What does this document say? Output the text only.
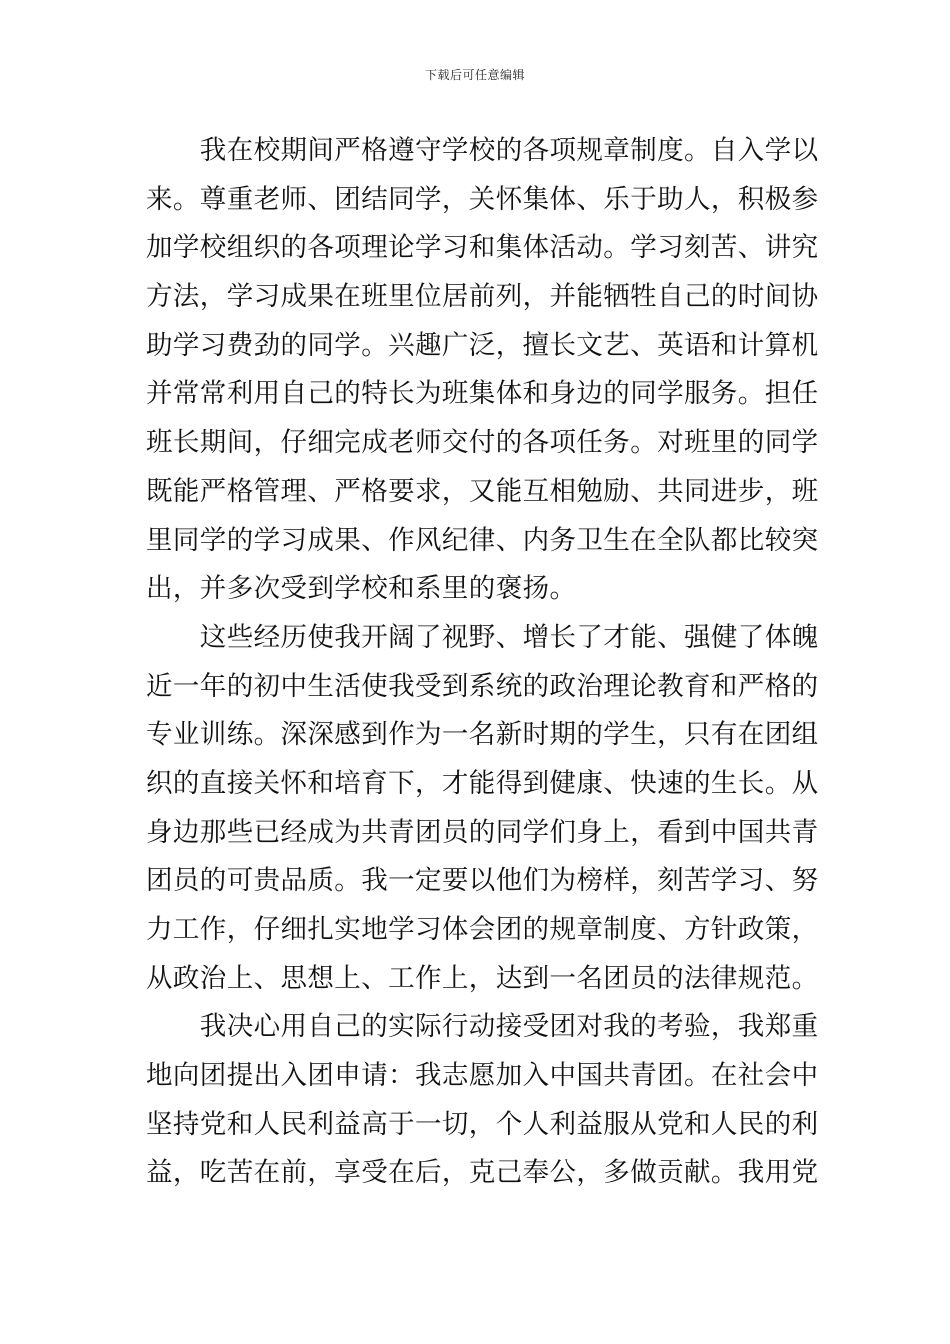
下载后可任意编辑
　　我在校期间严格遵守学校的各项规章制度。自入学以
来。尊重老师、团结同学，关怀集体、乐于助人，积极参
加学校组织的各项理论学习和集体活动。学习刻苦、讲究
方法，学习成果在班里位居前列，并能牺牲自己的时间协
助学习费劲的同学。兴趣广泛，擅长文艺、英语和计算机
并常常利用自己的特长为班集体和身边的同学服务。担任
班长期间，仔细完成老师交付的各项任务。对班里的同学
既能严格管理、严格要求，又能互相勉励、共同进步，班
里同学的学习成果、作风纪律、内务卫生在全队都比较突
出，并多次受到学校和系里的褒扬。
　　这些经历使我开阔了视野、增长了才能、强健了体魄
近一年的初中生活使我受到系统的政治理论教育和严格的
专业训练。深深感到作为一名新时期的学生，只有在团组
织的直接关怀和培育下，才能得到健康、快速的生长。从
身边那些已经成为共青团员的同学们身上，看到中国共青
团员的可贵品质。我一定要以他们为榜样，刻苦学习、努
力工作，仔细扎实地学习体会团的规章制度、方针政策，
从政治上、思想上、工作上，达到一名团员的法律规范。
　　我决心用自己的实际行动接受团对我的考验，我郑重
地向团提出入团申请：我志愿加入中国共青团。在社会中
坚持党和人民利益高于一切，个人利益服从党和人民的利
益，吃苦在前，享受在后，克己奉公，多做贡献。我用党
